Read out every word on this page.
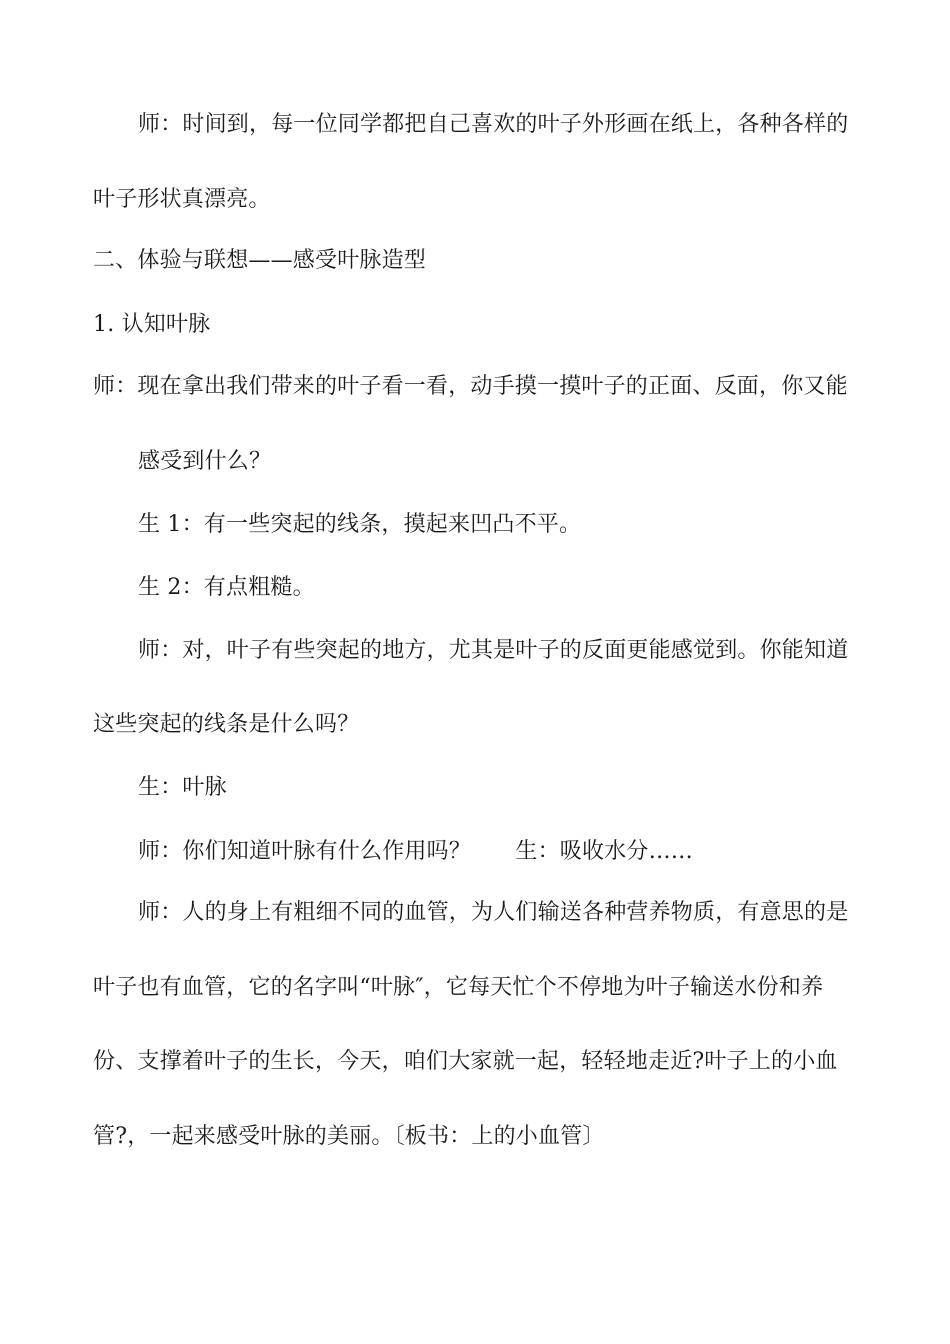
师：时间到，每一位同学都把自己喜欢的叶子外形画在纸上，各种各样的
叶子形状真漂亮。
二、体验与联想——感受叶脉造型
1. 认知叶脉
师：现在拿出我们带来的叶子看一看，动手摸一摸叶子的正面、反面，你又能
感受到什么？
生 1：有一些突起的线条，摸起来凹凸不平。
生 2：有点粗糙。
师：对，叶子有些突起的地方，尤其是叶子的反面更能感觉到。你能知道
这些突起的线条是什么吗？
生：叶脉
师：你们知道叶脉有什么作用吗？　　生：吸收水分……
师：人的身上有粗细不同的血管，为人们输送各种营养物质，有意思的是
叶子也有血管，它的名字叫“叶脉″，它每天忙个不停地为叶子输送水份和养
份、支撑着叶子的生长，今天，咱们大家就一起，轻轻地走近?叶子上的小血
管?，一起来感受叶脉的美丽。〔板书：上的小血管〕
